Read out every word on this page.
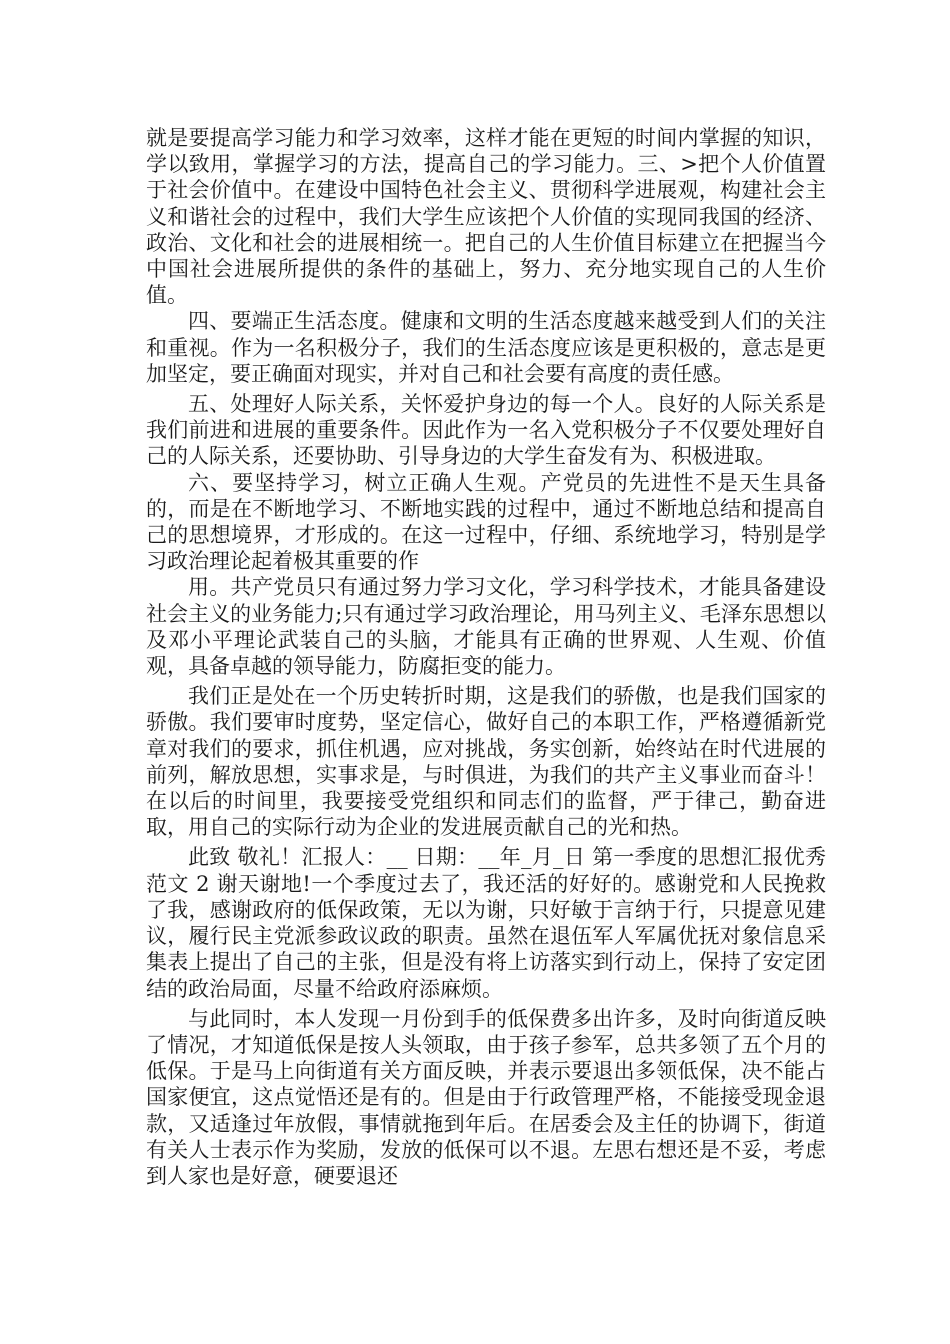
就是要提高学习能力和学习效率，这样才能在更短的时间内掌握的知识，学以致用，掌握学习的方法，提高自己的学习能力。三、>把个人价值置于社会价值中。在建设中国特色社会主义、贯彻科学进展观，构建社会主义和谐社会的过程中，我们大学生应该把个人价值的实现同我国的经济、政治、文化和社会的进展相统一。把自己的人生价值目标建立在把握当今中国社会进展所提供的条件的基础上，努力、充分地实现自己的人生价值。

四、要端正生活态度。健康和文明的生活态度越来越受到人们的关注和重视。作为一名积极分子，我们的生活态度应该是更积极的，意志是更加坚定，要正确面对现实，并对自己和社会要有高度的责任感。

五、处理好人际关系，关怀爱护身边的每一个人。良好的人际关系是我们前进和进展的重要条件。因此作为一名入党积极分子不仅要处理好自己的人际关系，还要协助、引导身边的大学生奋发有为、积极进取。

六、要坚持学习，树立正确人生观。产党员的先进性不是天生具备的，而是在不断地学习、不断地实践的过程中，通过不断地总结和提高自己的思想境界，才形成的。在这一过程中，仔细、系统地学习，特别是学习政治理论起着极其重要的作

用。共产党员只有通过努力学习文化，学习科学技术，才能具备建设社会主义的业务能力;只有通过学习政治理论，用马列主义、毛泽东思想以及邓小平理论武装自己的头脑，才能具有正确的世界观、人生观、价值观，具备卓越的领导能力，防腐拒变的能力。

我们正是处在一个历史转折时期，这是我们的骄傲，也是我们国家的骄傲。我们要审时度势，坚定信心，做好自己的本职工作，严格遵循新党章对我们的要求，抓住机遇，应对挑战，务实创新，始终站在时代进展的前列，解放思想，实事求是，与时俱进，为我们的共产主义事业而奋斗！ 在以后的时间里，我要接受党组织和同志们的监督，严于律己，勤奋进取，用自己的实际行动为企业的发进展贡献自己的光和热。

此致 敬礼！汇报人：__ 日期：__年_月_日 第一季度的思想汇报优秀范文 2 谢天谢地!一个季度过去了，我还活的好好的。感谢党和人民挽救了我，感谢政府的低保政策，无以为谢，只好敏于言纳于行，只提意见建议，履行民主党派参政议政的职责。虽然在退伍军人军属优抚对象信息采集表上提出了自己的主张，但是没有将上访落实到行动上，保持了安定团结的政治局面，尽量不给政府添麻烦。

与此同时，本人发现一月份到手的低保费多出许多，及时向街道反映了情况，才知道低保是按人头领取，由于孩子参军，总共多领了五个月的低保。于是马上向街道有关方面反映，并表示要退出多领低保，决不能占国家便宜，这点觉悟还是有的。但是由于行政管理严格，不能接受现金退款，又适逢过年放假，事情就拖到年后。在居委会及主任的协调下，街道有关人士表示作为奖励，发放的低保可以不退。左思右想还是不妥，考虑到人家也是好意，硬要退还
